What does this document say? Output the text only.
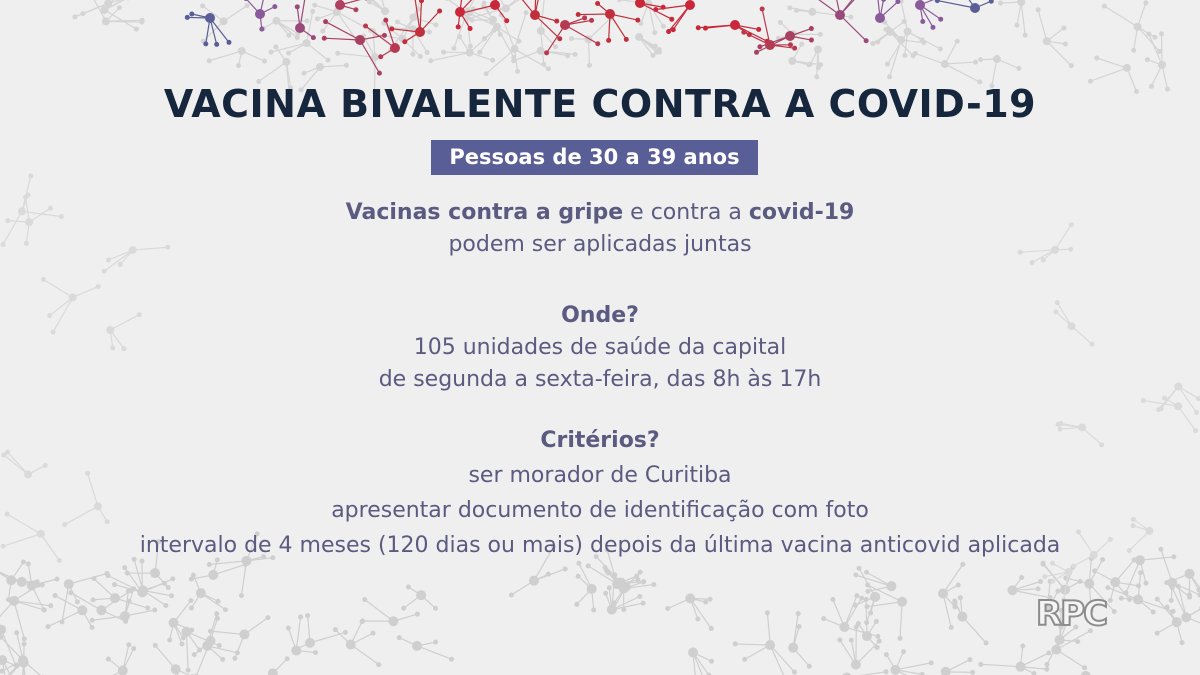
VACINA BIVALENTE CONTRA A COVID-19
Pessoas de 30 a 39 anos
Vacinas contra a gripe e contra a covid-19
podem ser aplicadas juntas
Onde?
105 unidades de saúde da capital
de segunda a sexta-feira, das 8h às 17h
Critérios?
ser morador de Curitiba
apresentar documento de identificação com foto
intervalo de 4 meses (120 dias ou mais) depois da última vacina anticovid aplicada
RPC
